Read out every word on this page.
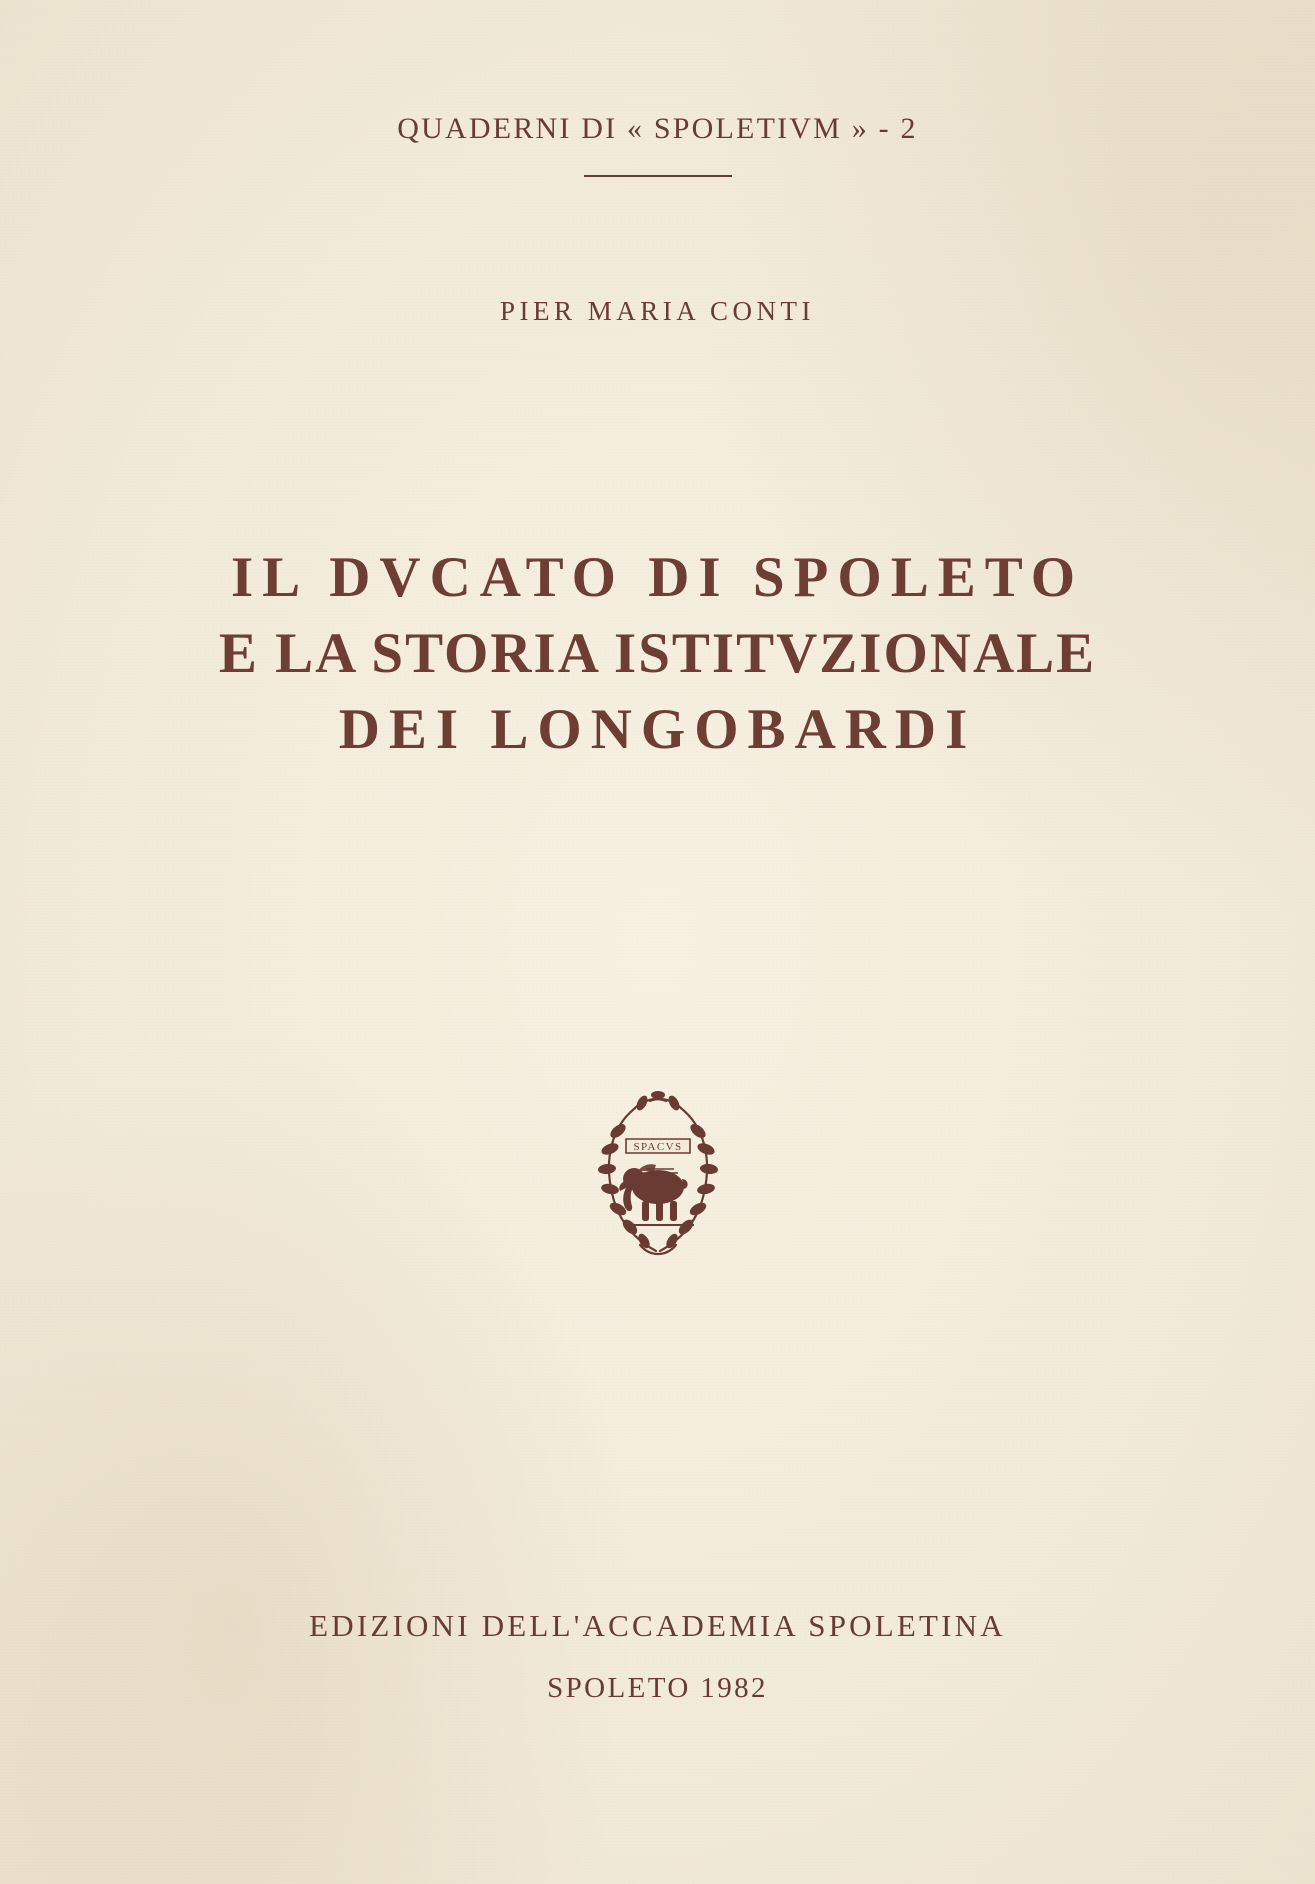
QUADERNI DI « SPOLETIVM » - 2
PIER MARIA CONTI
IL DVCATO DI SPOLETO
E LA STORIA ISTITVZIONALE
DEI LONGOBARDI
SPACVS
EDIZIONI DELL'ACCADEMIA SPOLETINA
SPOLETO 1982
